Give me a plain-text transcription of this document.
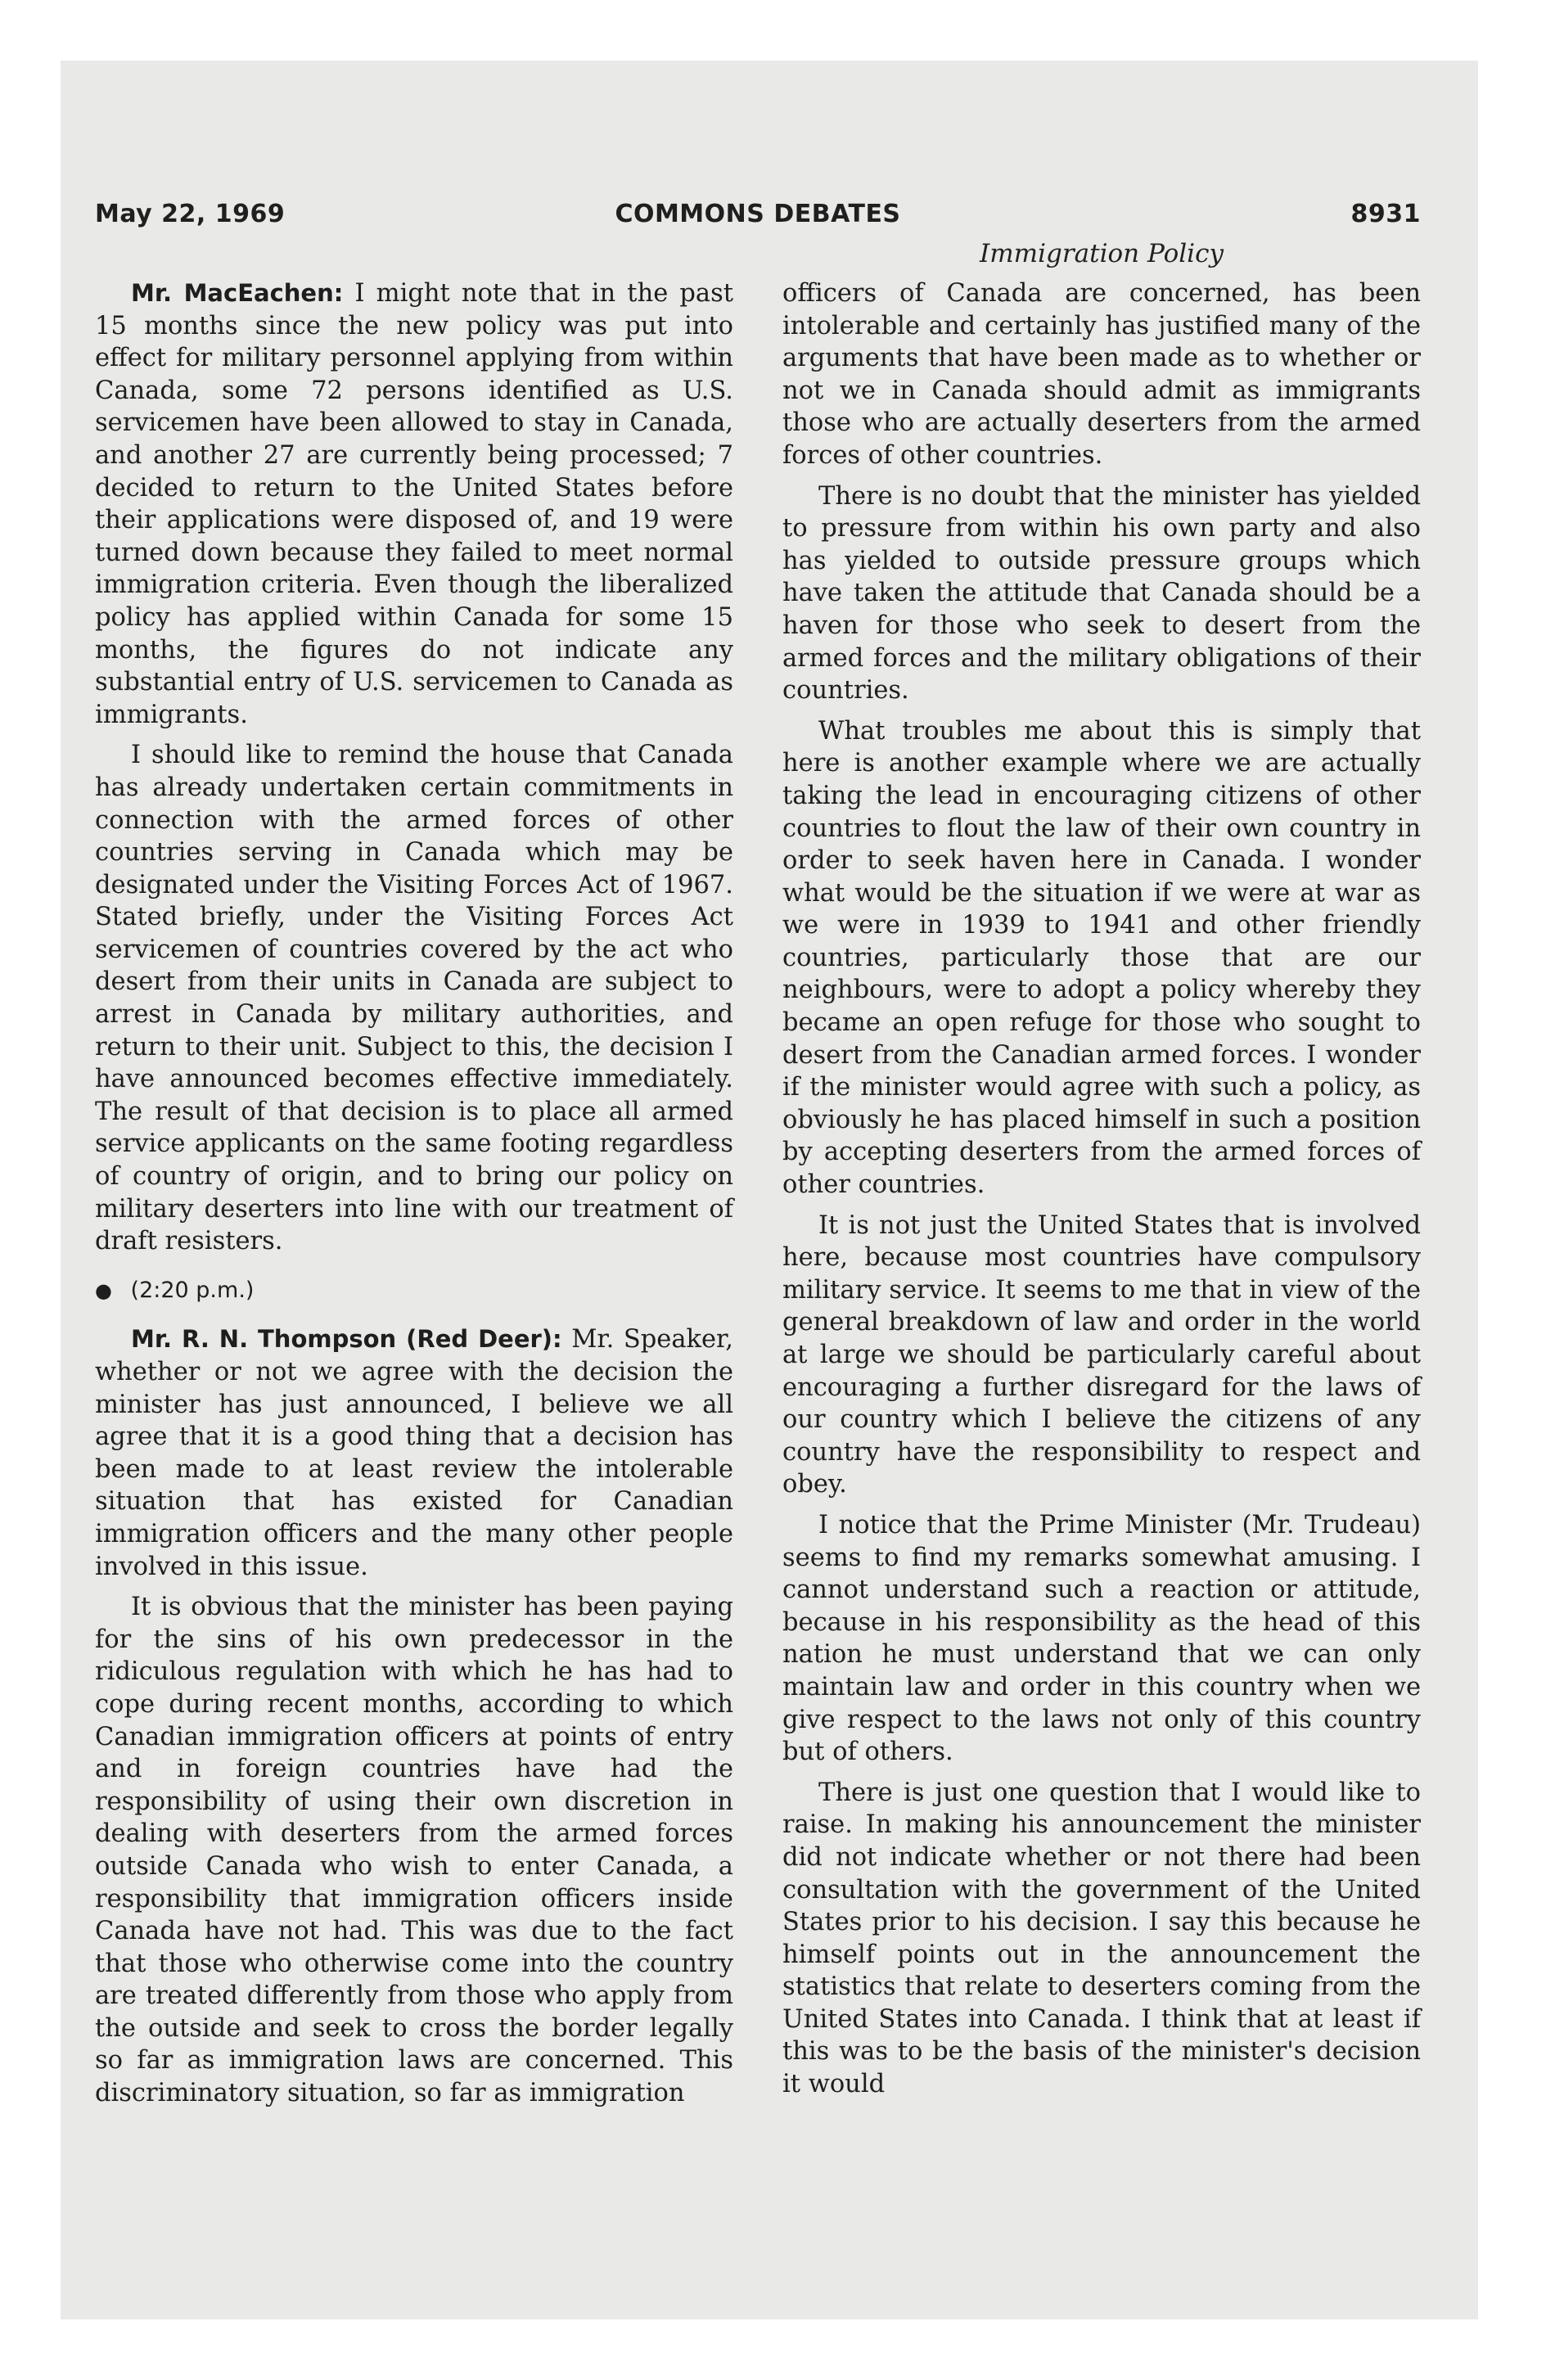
May 22, 1969	COMMONS DEBATES	8931
Immigration Policy

Mr. MacEachen: I might note that in the past 15 months since the new policy was put into effect for military personnel applying from within Canada, some 72 persons identified as U.S. servicemen have been allowed to stay in Canada, and another 27 are currently being processed; 7 decided to return to the United States before their applications were disposed of, and 19 were turned down because they failed to meet normal immigration criteria. Even though the liberalized policy has applied within Canada for some 15 months, the figures do not indicate any substantial entry of U.S. servicemen to Canada as immigrants.

I should like to remind the house that Canada has already undertaken certain commitments in connection with the armed forces of other countries serving in Canada which may be designated under the Visiting Forces Act of 1967. Stated briefly, under the Visiting Forces Act servicemen of countries covered by the act who desert from their units in Canada are subject to arrest in Canada by military authorities, and return to their unit. Subject to this, the decision I have announced becomes effective immediately. The result of that decision is to place all armed service applicants on the same footing regardless of country of origin, and to bring our policy on military deserters into line with our treatment of draft resisters.

● (2:20 p.m.)

Mr. R. N. Thompson (Red Deer): Mr. Speaker, whether or not we agree with the decision the minister has just announced, I believe we all agree that it is a good thing that a decision has been made to at least review the intolerable situation that has existed for Canadian immigration officers and the many other people involved in this issue.

It is obvious that the minister has been paying for the sins of his own predecessor in the ridiculous regulation with which he has had to cope during recent months, according to which Canadian immigration officers at points of entry and in foreign countries have had the responsibility of using their own discretion in dealing with deserters from the armed forces outside Canada who wish to enter Canada, a responsibility that immigration officers inside Canada have not had. This was due to the fact that those who otherwise come into the country are treated differently from those who apply from the outside and seek to cross the border legally so far as immigration laws are concerned. This discriminatory situation, so far as immigration

officers of Canada are concerned, has been intolerable and certainly has justified many of the arguments that have been made as to whether or not we in Canada should admit as immigrants those who are actually deserters from the armed forces of other countries.

There is no doubt that the minister has yielded to pressure from within his own party and also has yielded to outside pressure groups which have taken the attitude that Canada should be a haven for those who seek to desert from the armed forces and the military obligations of their countries.

What troubles me about this is simply that here is another example where we are actually taking the lead in encouraging citizens of other countries to flout the law of their own country in order to seek haven here in Canada. I wonder what would be the situation if we were at war as we were in 1939 to 1941 and other friendly countries, particularly those that are our neighbours, were to adopt a policy whereby they became an open refuge for those who sought to desert from the Canadian armed forces. I wonder if the minister would agree with such a policy, as obviously he has placed himself in such a position by accepting deserters from the armed forces of other countries.

It is not just the United States that is involved here, because most countries have compulsory military service. It seems to me that in view of the general breakdown of law and order in the world at large we should be particularly careful about encouraging a further disregard for the laws of our country which I believe the citizens of any country have the responsibility to respect and obey.

I notice that the Prime Minister (Mr. Trudeau) seems to find my remarks somewhat amusing. I cannot understand such a reaction or attitude, because in his responsibility as the head of this nation he must understand that we can only maintain law and order in this country when we give respect to the laws not only of this country but of others.

There is just one question that I would like to raise. In making his announcement the minister did not indicate whether or not there had been consultation with the government of the United States prior to his decision. I say this because he himself points out in the announcement the statistics that relate to deserters coming from the United States into Canada. I think that at least if this was to be the basis of the minister's decision it would
